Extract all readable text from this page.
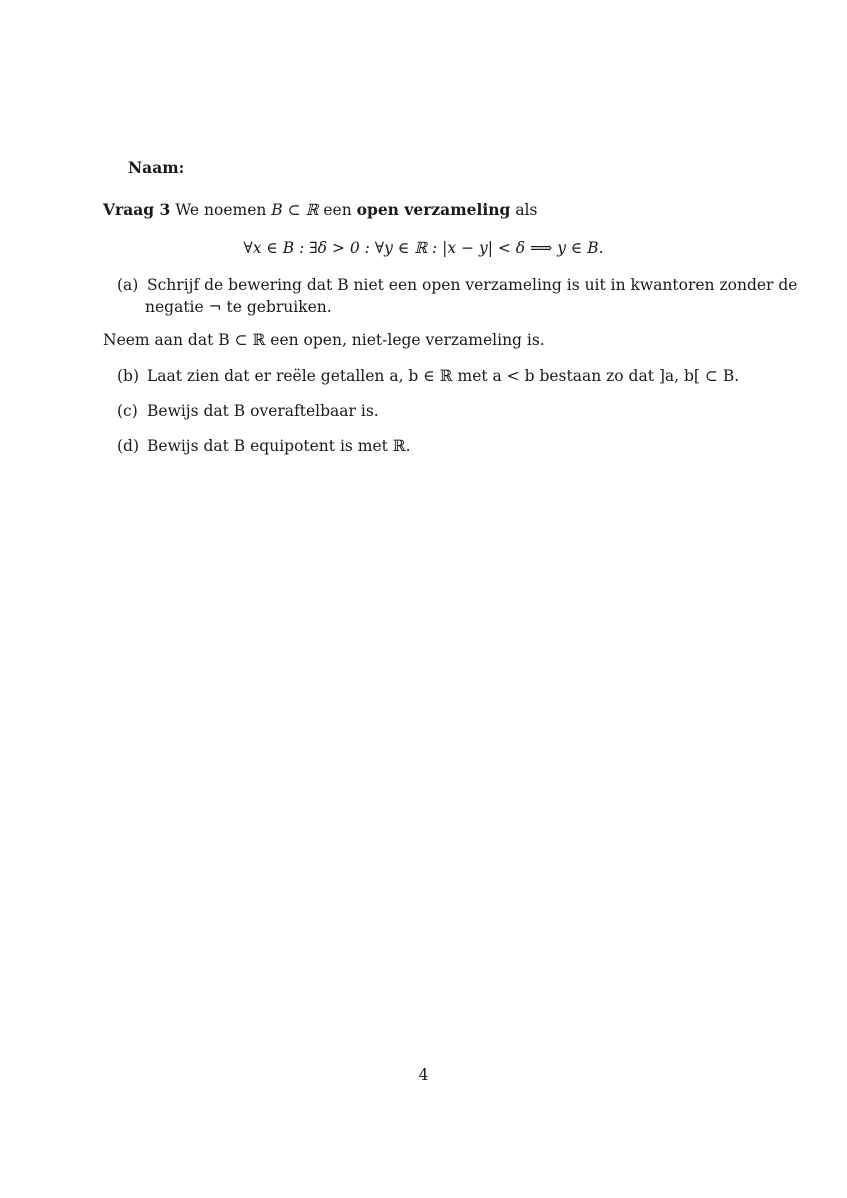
Naam:
Vraag 3 We noemen B ⊂ ℝ een open verzameling als
∀x ∈ B : ∃δ > 0 : ∀y ∈ ℝ : |x − y| < δ ⟹ y ∈ B.
(a) Schrijf de bewering dat B niet een open verzameling is uit in kwantoren zonder de
negatie ¬ te gebruiken.
Neem aan dat B ⊂ ℝ een open, niet-lege verzameling is.
(b) Laat zien dat er reële getallen a, b ∈ ℝ met a < b bestaan zo dat ]a, b[ ⊂ B.
(c) Bewijs dat B overaftelbaar is.
(d) Bewijs dat B equipotent is met ℝ.
4
